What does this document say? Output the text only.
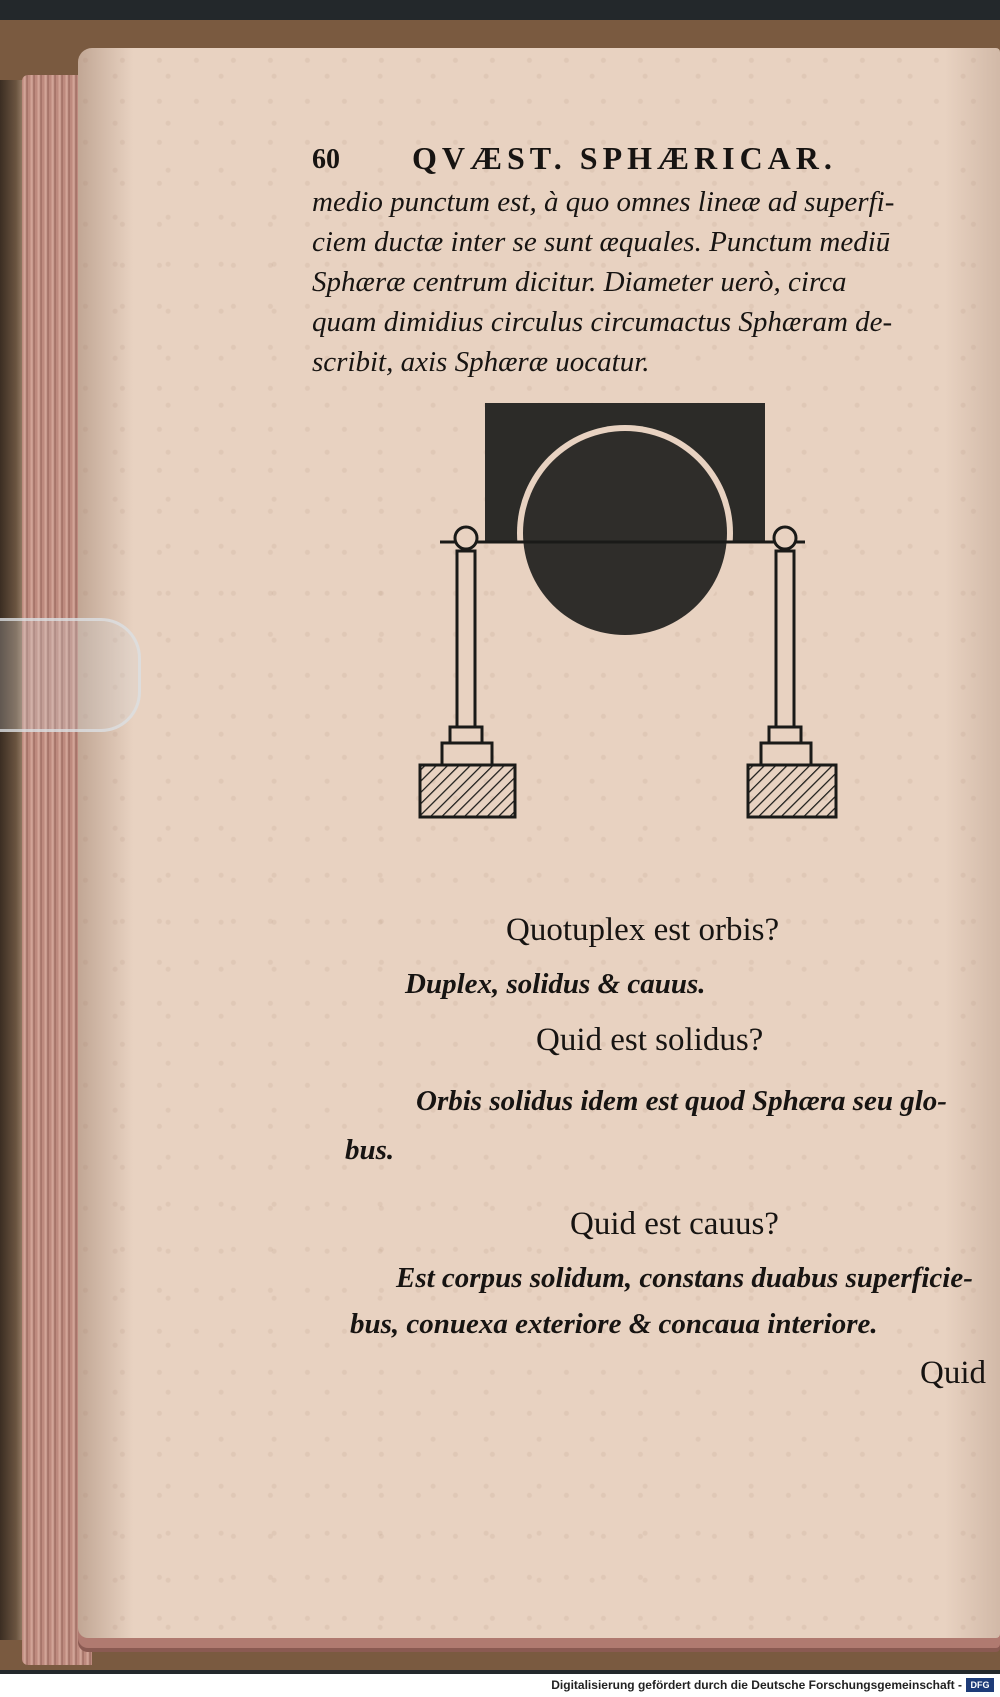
60 QVÆST. SPHÆRICAR.
medio punctum est, à quo omnes lineæ ad superfi-
ciem ductæ inter se sunt æquales. Punctum mediū
Sphæræ centrum dicitur. Diameter uerò, circa
quam dimidius circulus circumactus Sphæram de-
scribit, axis Sphæræ uocatur.
Quotuplex est orbis?
Duplex, solidus & cauus.
Quid est solidus?
Orbis solidus idem est quod Sphæra seu glo-
bus.
Quid est cauus?
Est corpus solidum, constans duabus superficie-
bus, conuexa exteriore & concaua interiore.
Quid
Digitalisierung gefördert durch die Deutsche Forschungsgemeinschaft - DFG
